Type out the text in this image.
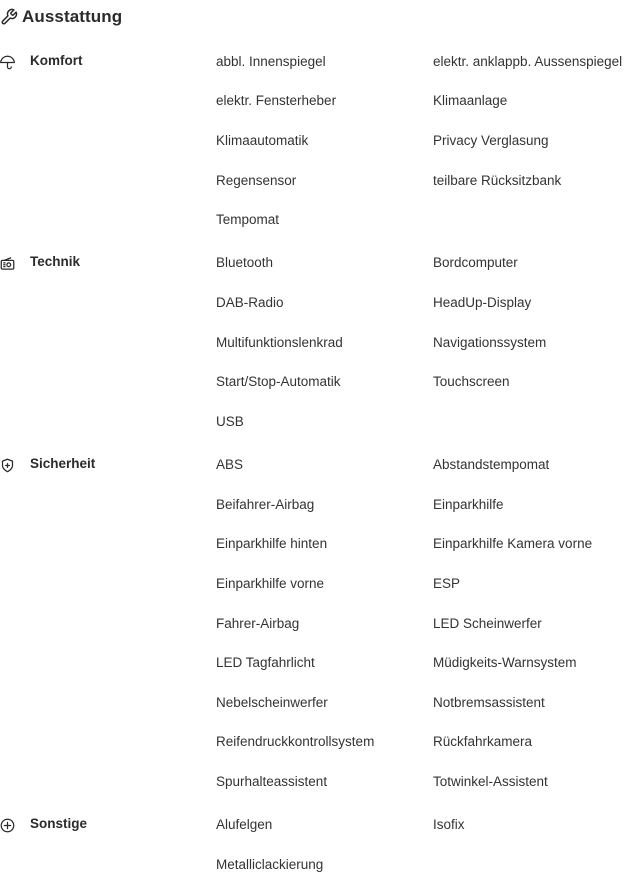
Ausstattung
Komfort	abbl. Innenspiegel	elektr. anklappb. Aussenspiegel
elektr. Fensterheber	Klimaanlage
Klimaautomatik	Privacy Verglasung
Regensensor	teilbare Rücksitzbank
Tempomat
Technik	Bluetooth	Bordcomputer
DAB-Radio	HeadUp-Display
Multifunktionslenkrad	Navigationssystem
Start/Stop-Automatik	Touchscreen
USB
Sicherheit	ABS	Abstandstempomat
Beifahrer-Airbag	Einparkhilfe
Einparkhilfe hinten	Einparkhilfe Kamera vorne
Einparkhilfe vorne	ESP
Fahrer-Airbag	LED Scheinwerfer
LED Tagfahrlicht	Müdigkeits-Warnsystem
Nebelscheinwerfer	Notbremsassistent
Reifendruckkontrollsystem	Rückfahrkamera
Spurhalteassistent	Totwinkel-Assistent
Sonstige	Alufelgen	Isofix
Metalliclackierung
